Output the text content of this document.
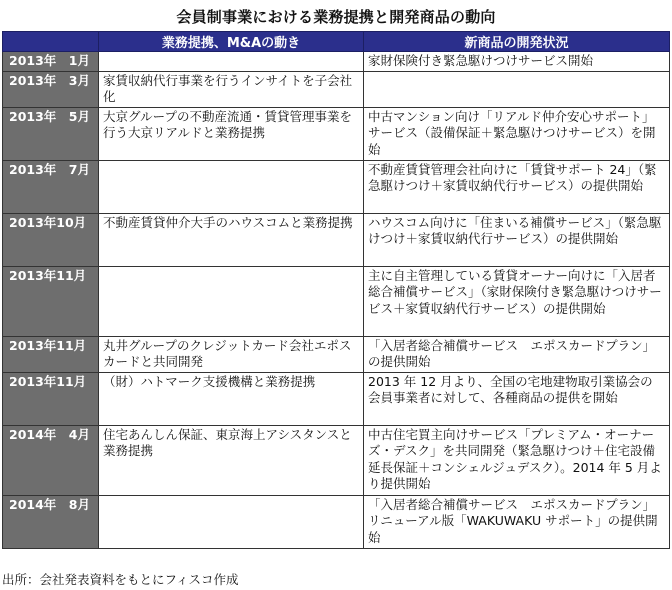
会員制事業における業務提携と開発商品の動向
	業務提携、M&Aの動き	新商品の開発状況
2013年　1月		家財保険付き緊急駆けつけサービス開始
2013年　3月	家賃収納代行事業を行うインサイトを子会社化	
2013年　5月	大京グループの不動産流通・賃貸管理事業を行う大京リアルドと業務提携	中古マンション向け「リアルド仲介安心サポート」サービス（設備保証＋緊急駆けつけサービス）を開始
2013年　7月		不動産賃貸管理会社向けに「賃貸サポート 24」（緊急駆けつけ＋家賃収納代行サービス）の提供開始
2013年10月	不動産賃貸仲介大手のハウスコムと業務提携	ハウスコム向けに「住まいる補償サービス」（緊急駆けつけ＋家賃収納代行サービス）の提供開始
2013年11月		主に自主管理している賃貸オーナー向けに「入居者総合補償サービス」（家財保険付き緊急駆けつけサービス＋家賃収納代行サービス）の提供開始
2013年11月	丸井グループのクレジットカード会社エポスカードと共同開発	「入居者総合補償サービス　エポスカードプラン」の提供開始
2013年11月	（財）ハトマーク支援機構と業務提携	2013 年 12 月より、全国の宅地建物取引業協会の会員事業者に対して、各種商品の提供を開始
2014年　4月	住宅あんしん保証、東京海上アシスタンスと業務提携	中古住宅買主向けサービス「プレミアム・オーナーズ・デスク」を共同開発（緊急駆けつけ＋住宅設備延長保証＋コンシェルジュデスク）。2014 年 5 月より提供開始
2014年　8月		「入居者総合補償サービス　エポスカードプラン」リニューアル版「WAKUWAKU サポート」の提供開始
出所：会社発表資料をもとにフィスコ作成
